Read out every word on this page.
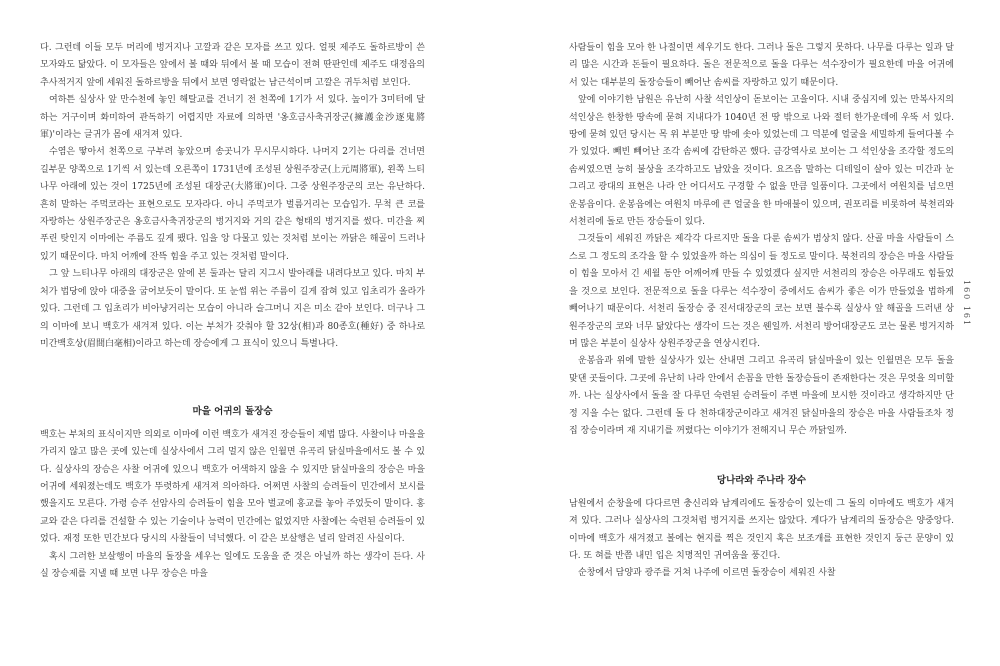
다. 그런데 이들 모두 머리에 벙거지나 고깔과 같은 모자를 쓰고 있다. 얼핏 제주도 돌하르방이 쓴 모자와도 닮았다. 이 모자들은 앞에서 볼 때와 뒤에서 볼 때 모습이 전혀 딴판인데 제주도 대정읍의 추사적거지 앞에 세워진 돌하르방을 뒤에서 보면 영락없는 남근석이며 고깔은 귀두처럼 보인다.

여하튼 실상사 앞 만수천에 놓인 해탈교를 건너기 전 천쪽에 1기가 서 있다. 높이가 3미터에 달하는 거구이며 화미하여 관독하기 어렵지만 자료에 의하면 '옹호금사축귀장군(擁護金沙逐鬼將軍)'이라는 글귀가 몸에 새겨져 있다.

수염은 땋아서 천쪽으로 구부려 놓았으며 송곳니가 무시무시하다. 나머지 2기는 다리를 건너면 길부문 양쪽으로 1기씩 서 있는데 오른쪽이 1731년에 조성된 상원주장군(上元周將軍), 왼쪽 느티나무 아래에 있는 것이 1725년에 조성된 대장군(大將軍)이다. 그중 상원주장군의 코는 유난하다. 흔히 말하는 주먹코라는 표현으로도 모자라다. 아니 주먹코가 벌름거리는 모습입가. 무척 큰 코를 자랑하는 상원주장군은 옹호금사축귀장군의 벙거지와 거의 같은 형태의 벙거지를 썼다. 미간을 찌푸린 탓인지 이마에는 주름도 깊게 팼다. 입을 앙 다물고 있는 것처럼 보이는 까닭은 해골이 드러나 있기 때문이다. 마치 어깨에 잔뜩 힘을 주고 있는 것처럼 말이다.

그 앞 느티나무 아래의 대장군은 앞에 본 둘과는 달리 지그시 발아래를 내려다보고 있다. 마치 부처가 법당에 앉아 대중을 굽어보듯이 말이다. 또 눈썹 위는 주름이 길게 잡혀 있고 입초리가 올라가 있다. 그런데 그 입초리가 비아냥거리는 모습이 아니라 슬그머니 지은 미소 같아 보인다. 더구나 그의 이마에 보니 백호가 새겨져 있다. 이는 부처가 갖춰야 할 32상(相)과 80종호(種好) 중 하나로 미간백호상(眉間白毫相)이라고 하는데 장승에게 그 표식이 있으니 특별나다.

마을 어귀의 돌장승

백호는 부처의 표식이지만 의외로 이마에 이런 백호가 새겨진 장승들이 제법 많다. 사찰이나 마을을 가리지 않고 많은 곳에 있는데 실상사에서 그리 멀지 않은 인월면 유곡리 닭실마을에서도 볼 수 있다. 실상사의 장승은 사찰 어귀에 있으니 백호가 어색하지 않을 수 있지만 닭실마을의 장승은 마을 어귀에 세워졌는데도 백호가 뚜렷하게 새겨져 의아하다. 어쩌면 사찰의 승려들이 민간에서 보시를 했을지도 모른다. 가령 승주 선암사의 승려들이 힘을 모아 벌교에 홍교를 놓아 주었듯이 말이다. 홍교와 같은 다리를 건설할 수 있는 기술이나 능력이 민간에는 없었지만 사찰에는 숙련된 승려들이 있었다. 재정 또한 민간보다 당시의 사찰들이 넉넉했다. 이 같은 보살행은 널리 알려진 사실이다.

혹시 그러한 보살행이 마을의 돌장을 세우는 일에도 도움을 준 것은 아닐까 하는 생각이 든다. 사실 장승제를 지낼 때 보면 나무 장승은 마을

사람들이 힘을 모아 한 나절이면 세우기도 한다. 그러나 돌은 그렇지 못하다. 나무를 다루는 일과 달리 많은 시간과 돈들이 필요하다. 돌은 전문적으로 돌을 다루는 석수장이가 필요한데 마을 어귀에 서 있는 대부분의 돌장승들이 빼어난 솜씨를 자랑하고 있기 때문이다.

앞에 이야기한 남원은 유난히 사찰 석인상이 돋보이는 고을이다. 시내 중심지에 있는 만복사지의 석인상은 한창한 땅속에 묻혀 지내다가 1040년 전 땅 밖으로 나와 절터 한가운데에 우뚝 서 있다. 땅에 묻혀 있던 당시는 목 위 부분만 땅 밖에 솟아 있었는데 그 덕분에 얼굴을 세밀하게 들여다볼 수가 있었다. 빼빈 빼어난 조각 솜씨에 감탄하곤 했다. 금강역사로 보이는 그 석인상을 조각할 정도의 솜씨였으면 능히 불상을 조각하고도 남았을 것이다. 요즈음 말하는 디테일이 살아 있는 미간과 눈 그리고 광대의 표현은 나라 안 어디서도 구경할 수 없을 만큼 일품이다. 그곳에서 여원치를 넘으면 운봉읍이다. 운봉읍에는 여원치 마루에 큰 얼굴을 한 마애불이 있으며, 권포리를 비롯하여 북천리와 서천리에 돌로 만든 장승들이 있다.

그것들이 세워진 까닭은 제각각 다르지만 돌을 다룬 솜씨가 범상치 않다. 산골 마을 사람들이 스스로 그 정도의 조각을 할 수 있었을까 하는 의심이 들 정도로 말이다. 북천리의 장승은 마을 사람들이 힘을 모아서 긴 세월 동안 어깨어깨 만들 수 있었겠다 싶지만 서천리의 장승은 아무래도 힘들었을 것으로 보인다. 전문적으로 돌을 다루는 석수장이 중에서도 솜씨가 좋은 이가 만들었을 법하게 빼어나기 때문이다. 서천리 돌장승 중 진서대장군의 코는 보면 불수록 실상사 앞 해골을 드러낸 상원주장군의 코와 너무 닮았다는 생각이 드는 것은 웬일까. 서천리 방어대장군도 코는 물론 벙거지하며 많은 부분이 실상사 상원주장군을 연상시킨다.

운봉읍과 위에 말한 실상사가 있는 산내면 그리고 유곡리 닭실마을이 있는 인월면은 모두 돌을 맞댄 곳들이다. 그곳에 유난히 나라 안에서 손꼽을 만한 돌장승들이 존재한다는 것은 무엇을 의미할까. 나는 실상사에서 돌을 잘 다루던 숙련된 승려들이 주변 마을에 보시한 것이라고 생각하지만 단정 지을 수는 없다. 그런데 돌 다 천하대장군이라고 새겨진 닭실마을의 장승은 마을 사람들조차 정집 장승이라며 재 지내기를 꺼렸다는 이야기가 전해지니 무슨 까닭일까.

당나라와 주나라 장수

남원에서 순창을에 다다르면 충신리와 남계리에도 돌장승이 있는데 그 돌의 이마에도 백호가 새겨져 있다. 그러나 실상사의 그것처럼 벙거지를 쓰지는 않았다. 게다가 남계리의 돌장승은 양중앙다. 이마에 백호가 새겨졌고 볼에는 현지를 찍은 것인지 혹은 보조개를 표현한 것인지 둥근 문양이 있다. 또 혀를 반쯤 내민 입은 치명적인 귀여움을 풍긴다.

순창에서 담양과 광주를 거쳐 나주에 이르면 돌장승이 세워진 사찰

160 161
